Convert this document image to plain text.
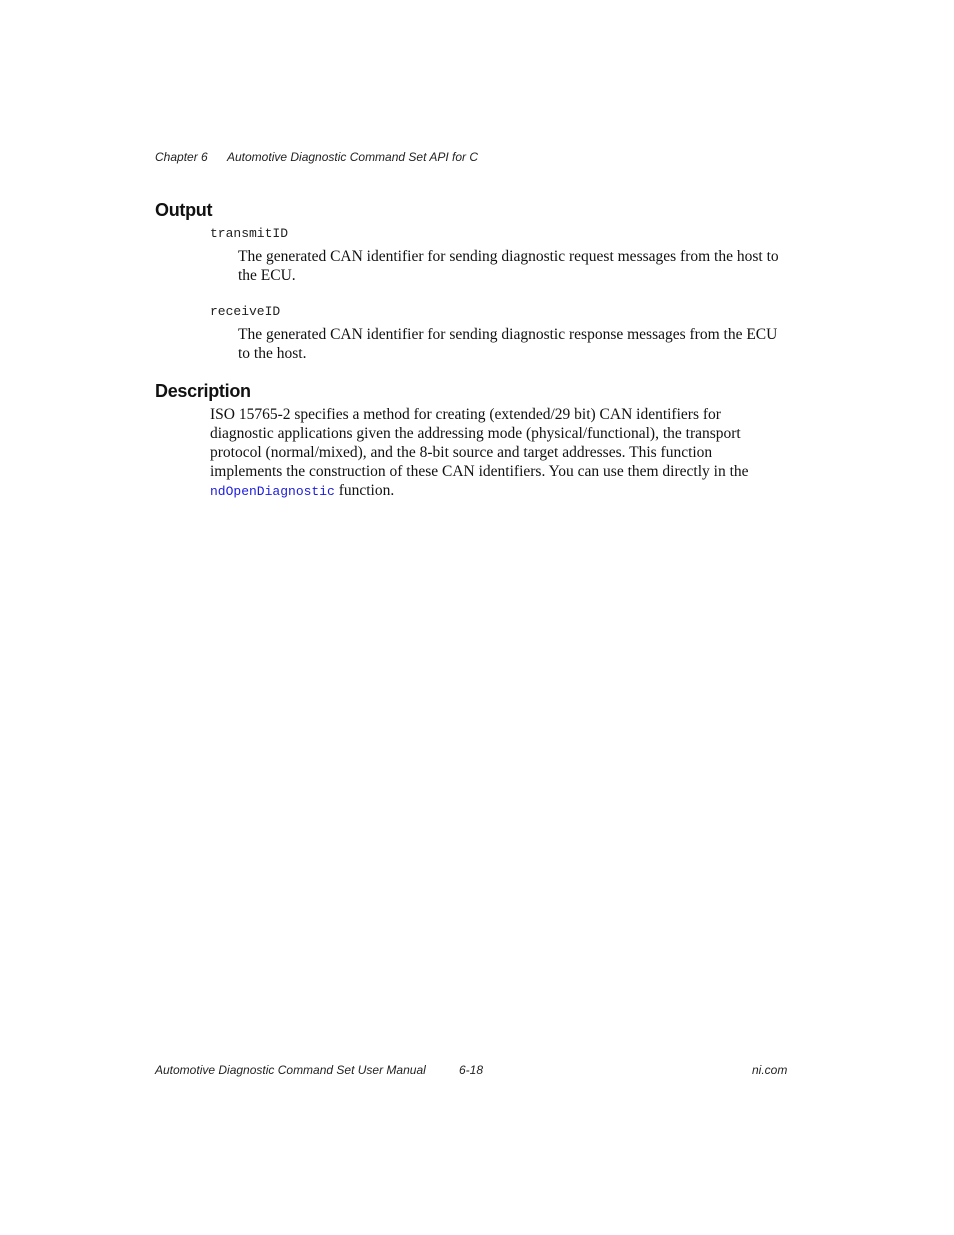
Chapter 6 Automotive Diagnostic Command Set API for C
Output
transmitID

The generated CAN identifier for sending diagnostic request messages from the host to the ECU.

receiveID

The generated CAN identifier for sending diagnostic response messages from the ECU to the host.

Description

ISO 15765-2 specifies a method for creating (extended/29 bit) CAN identifiers for diagnostic applications given the addressing mode (physical/functional), the transport protocol (normal/mixed), and the 8-bit source and target addresses. This function implements the construction of these CAN identifiers. You can use them directly in the ndOpenDiagnostic function.

Automotive Diagnostic Command Set User Manual	6-18	ni.com
